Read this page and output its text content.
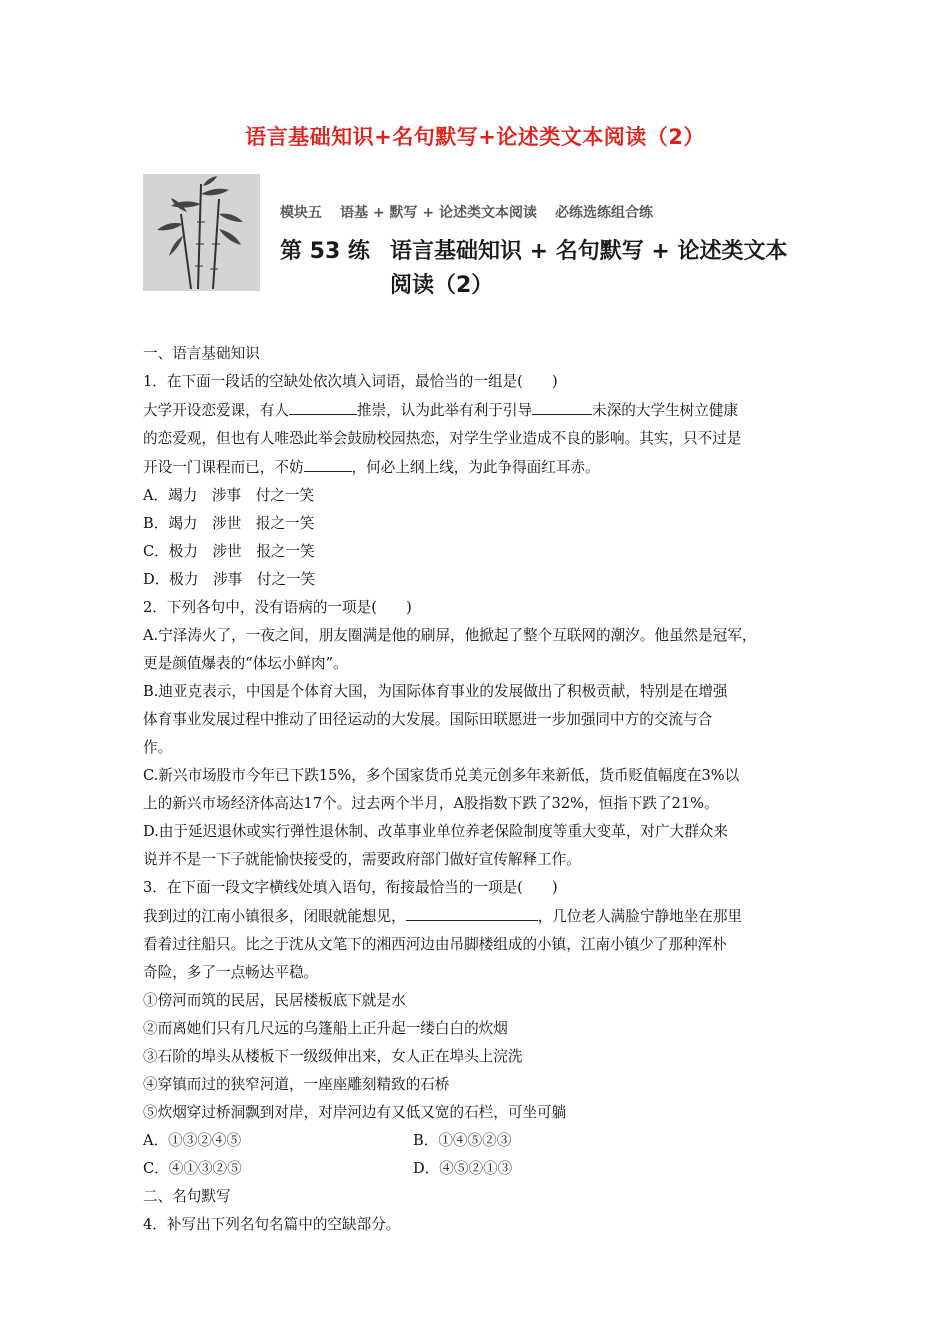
语言基础知识+名句默写+论述类文本阅读（2）
模块五 语基 + 默写 + 论述类文本阅读 必练选练组合练
第 53 练 语言基础知识 + 名句默写 + 论述类文本
阅读（2）

一、语言基础知识

1．在下面一段话的空缺处依次填入词语，最恰当的一组是(　　)

大学开设恋爱课，有人	推崇，认为此举有利于引导	未深的大学生树立健康

的恋爱观，但也有人唯恐此举会鼓励校园热恋，对学生学业造成不良的影响。其实，只不过是

开设一门课程而已，不妨	，何必上纲上线，为此争得面红耳赤。

A．竭力　涉事　付之一笑

B．竭力　涉世　报之一笑

C．极力　涉世　报之一笑

D．极力　涉事　付之一笑

2．下列各句中，没有语病的一项是(　　)

A.宁泽涛火了，一夜之间，朋友圈满是他的刷屏，他掀起了整个互联网的潮汐。他虽然是冠军，

更是颜值爆表的“体坛小鲜肉”。

B.迪亚克表示，中国是个体育大国，为国际体育事业的发展做出了积极贡献，特别是在增强

体育事业发展过程中推动了田径运动的大发展。国际田联愿进一步加强同中方的交流与合

作。

C.新兴市场股市今年已下跌15%，多个国家货币兑美元创多年来新低，货币贬值幅度在3%以

上的新兴市场经济体高达17个。过去两个半月，A股指数下跌了32%，恒指下跌了21%。

D.由于延迟退休或实行弹性退休制、改革事业单位养老保险制度等重大变革，对广大群众来

说并不是一下子就能愉快接受的，需要政府部门做好宣传解释工作。

3．在下面一段文字横线处填入语句，衔接最恰当的一项是(　　)

我到过的江南小镇很多，闭眼就能想见，	，几位老人满脸宁静地坐在那里

看着过往船只。比之于沈从文笔下的湘西河边由吊脚楼组成的小镇，江南小镇少了那种浑朴

奇险，多了一点畅达平稳。

①傍河而筑的民居，民居楼板底下就是水

②而离她们只有几尺远的乌篷船上正升起一缕白白的炊烟

③石阶的埠头从楼板下一级级伸出来，女人正在埠头上浣洗

④穿镇而过的狭窄河道，一座座雕刻精致的石桥

⑤炊烟穿过桥洞飘到对岸，对岸河边有又低又宽的石栏，可坐可躺

A．①③②④⑤	B．①④⑤②③

C．④①③②⑤	D．④⑤②①③

二、名句默写

4．补写出下列名句名篇中的空缺部分。
